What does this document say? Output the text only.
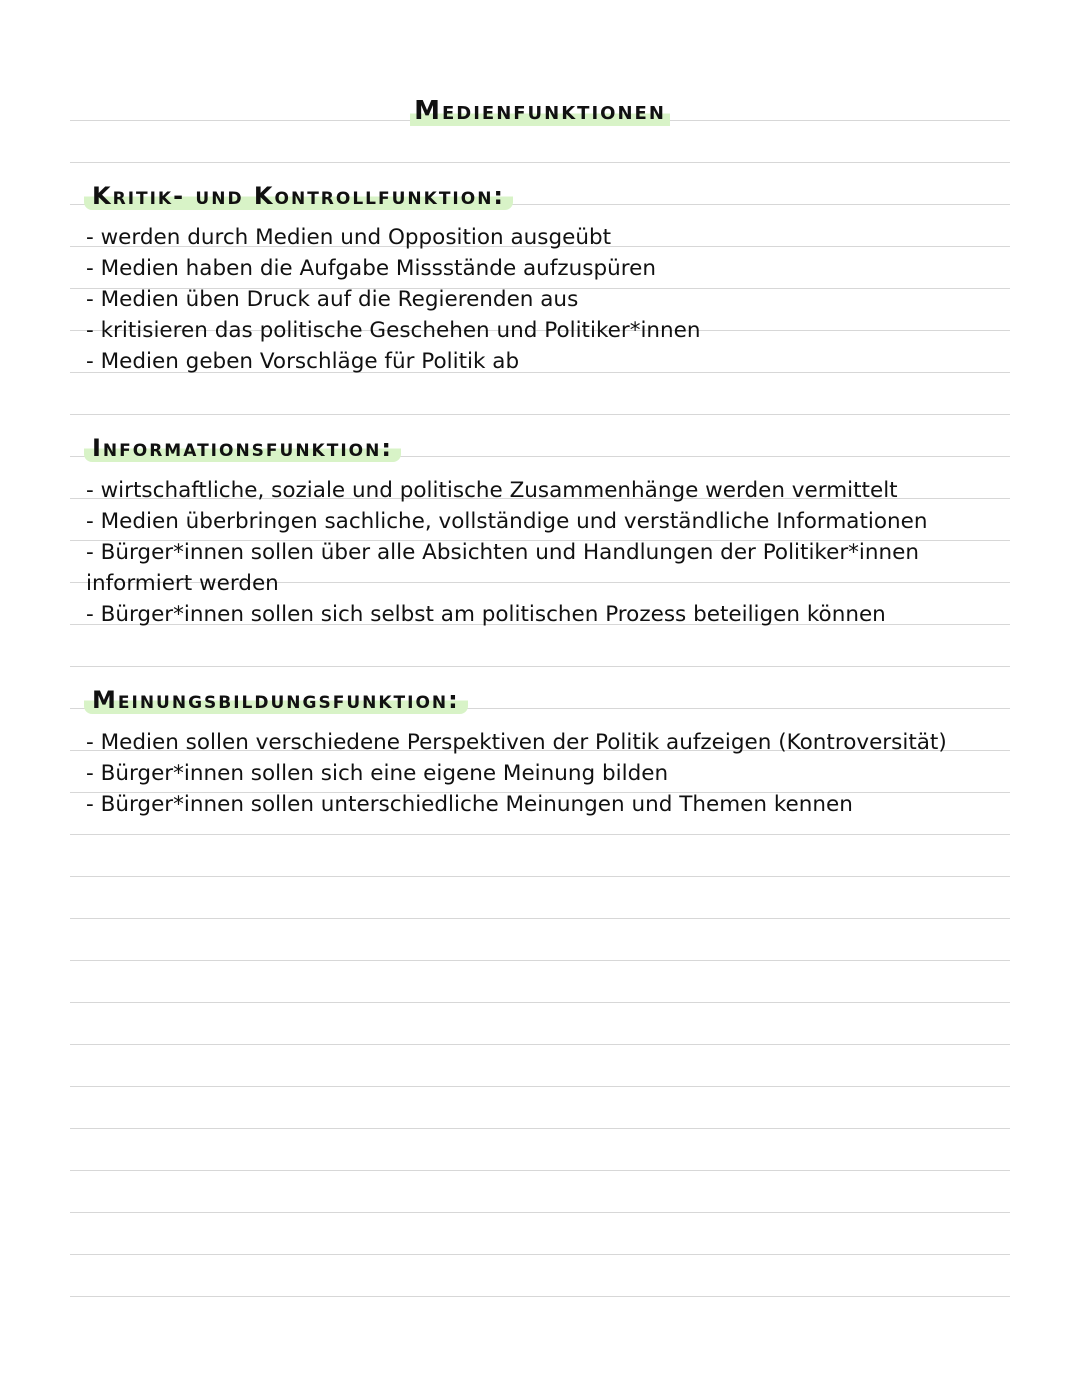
Medienfunktionen
Kritik- und Kontrollfunktion:
- werden durch Medien und Opposition ausgeübt
- Medien haben die Aufgabe Missstände aufzuspüren
- Medien üben Druck auf die Regierenden aus
- kritisieren das politische Geschehen und Politiker*innen
- Medien geben Vorschläge für Politik ab
Informationsfunktion:
- wirtschaftliche, soziale und politische Zusammenhänge werden vermittelt
- Medien überbringen sachliche, vollständige und verständliche Informationen
- Bürger*innen sollen über alle Absichten und Handlungen der Politiker*innen
informiert werden
- Bürger*innen sollen sich selbst am politischen Prozess beteiligen können
Meinungsbildungsfunktion:
- Medien sollen verschiedene Perspektiven der Politik aufzeigen (Kontroversität)
- Bürger*innen sollen sich eine eigene Meinung bilden
- Bürger*innen sollen unterschiedliche Meinungen und Themen kennen
